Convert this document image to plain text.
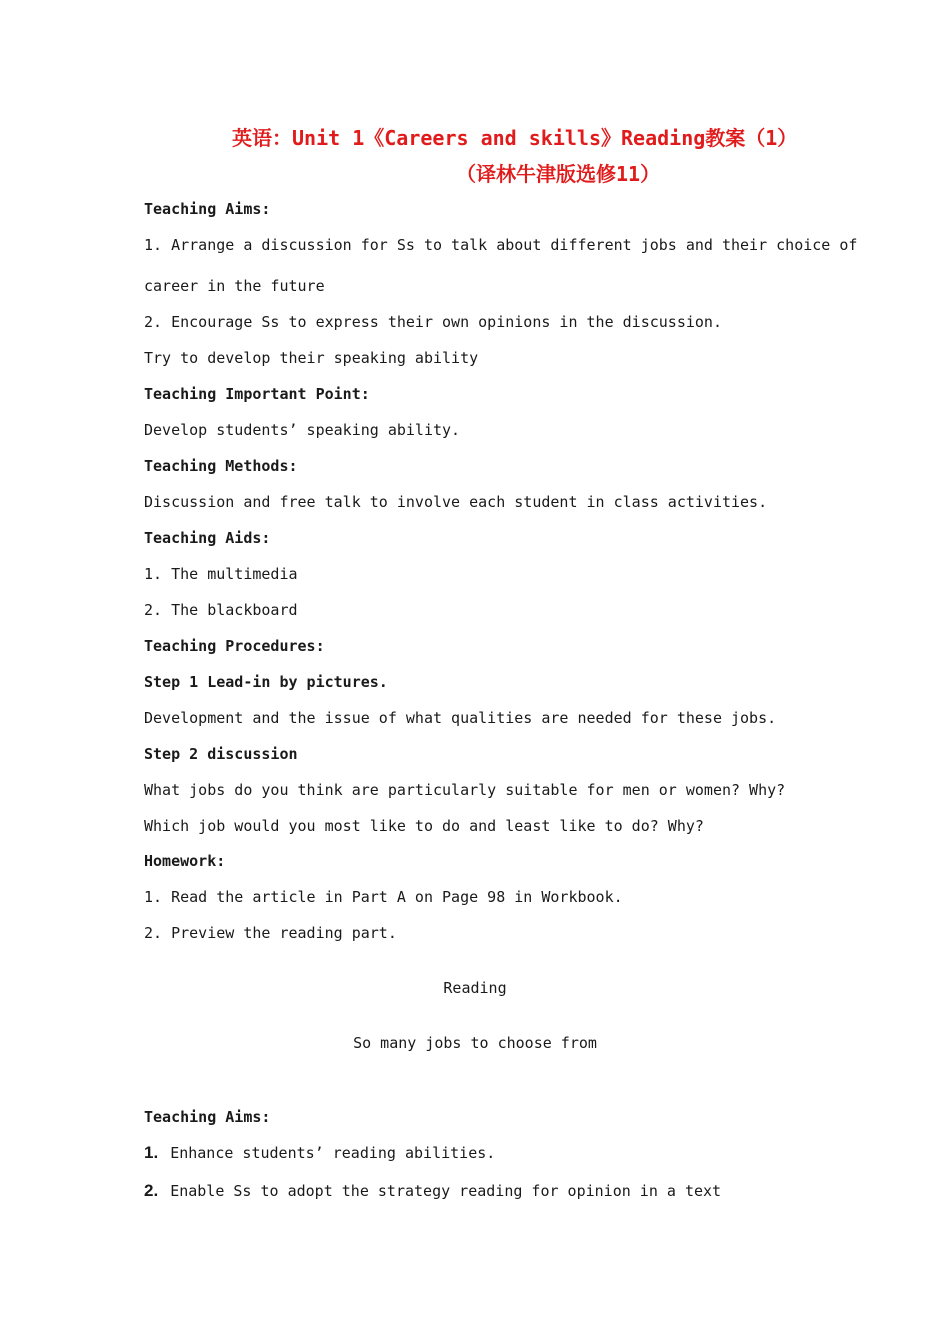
英语：Unit 1《Careers and skills》Reading教案（1）
（译林牛津版选修11）
Teaching Aims:
1. Arrange a discussion for Ss to talk about different jobs and their choice of
career in the future
2. Encourage Ss to express their own opinions in the discussion.
Try to develop their speaking ability
Teaching Important Point:
Develop students’ speaking ability.
Teaching Methods:
Discussion and free talk to involve each student in class activities.
Teaching Aids:
1. The multimedia
2. The blackboard
Teaching Procedures:
Step 1 Lead-in by pictures.
Development and the issue of what qualities are needed for these jobs.
Step 2 discussion
What jobs do you think are particularly suitable for men or women? Why?
Which job would you most like to do and least like to do? Why?
Homework:
1. Read the article in Part A on Page 98 in Workbook.
2. Preview the reading part.
Reading
So many jobs to choose from
Teaching Aims:
1. Enhance students’ reading abilities.
2. Enable Ss to adopt the strategy reading for opinion in a text
